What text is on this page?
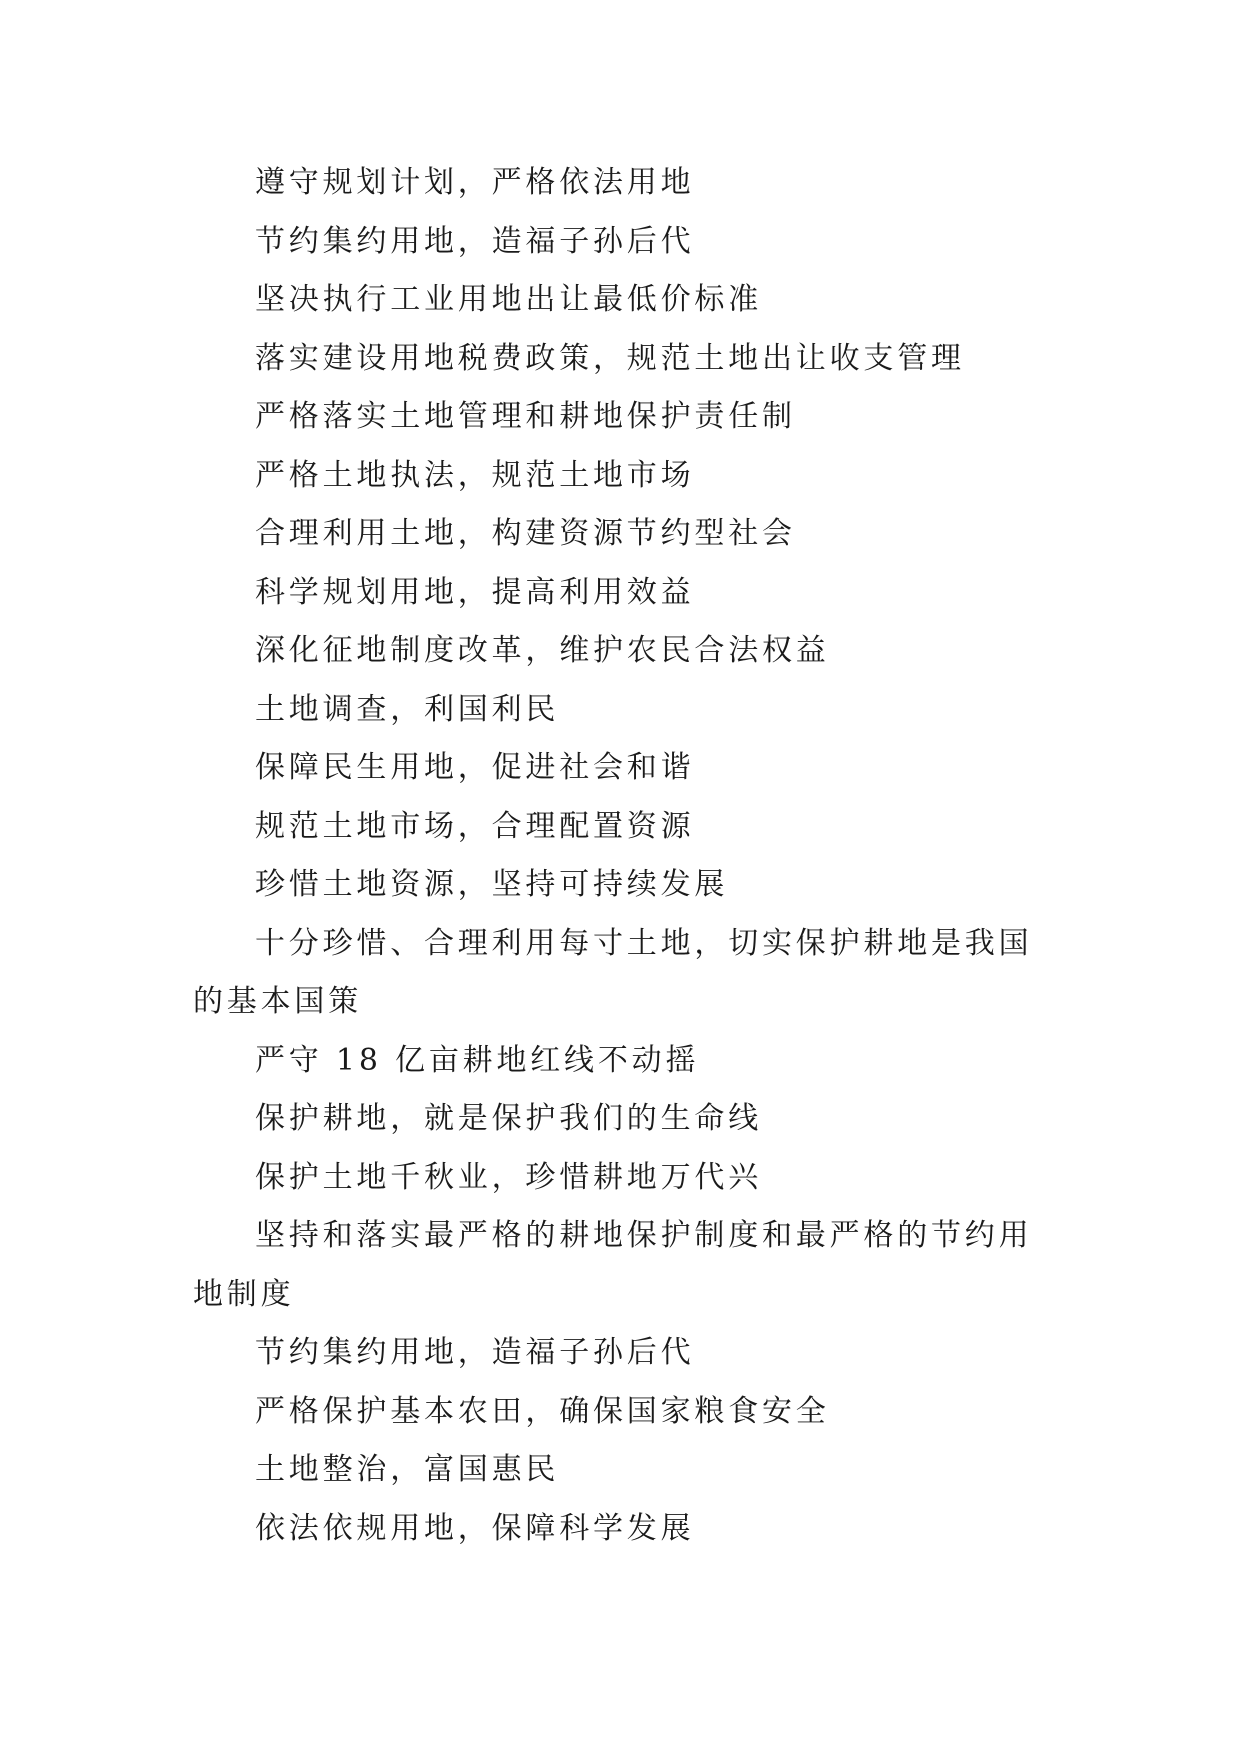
遵守规划计划，严格依法用地

节约集约用地，造福子孙后代

坚决执行工业用地出让最低价标准

落实建设用地税费政策，规范土地出让收支管理

严格落实土地管理和耕地保护责任制

严格土地执法，规范土地市场

合理利用土地，构建资源节约型社会

科学规划用地，提高利用效益

深化征地制度改革，维护农民合法权益

土地调查，利国利民

保障民生用地，促进社会和谐

规范土地市场，合理配置资源

珍惜土地资源，坚持可持续发展

十分珍惜、合理利用每寸土地，切实保护耕地是我国的基本国策

严守 18 亿亩耕地红线不动摇

保护耕地，就是保护我们的生命线

保护土地千秋业，珍惜耕地万代兴

坚持和落实最严格的耕地保护制度和最严格的节约用地制度

节约集约用地，造福子孙后代

严格保护基本农田，确保国家粮食安全

土地整治，富国惠民

依法依规用地，保障科学发展
